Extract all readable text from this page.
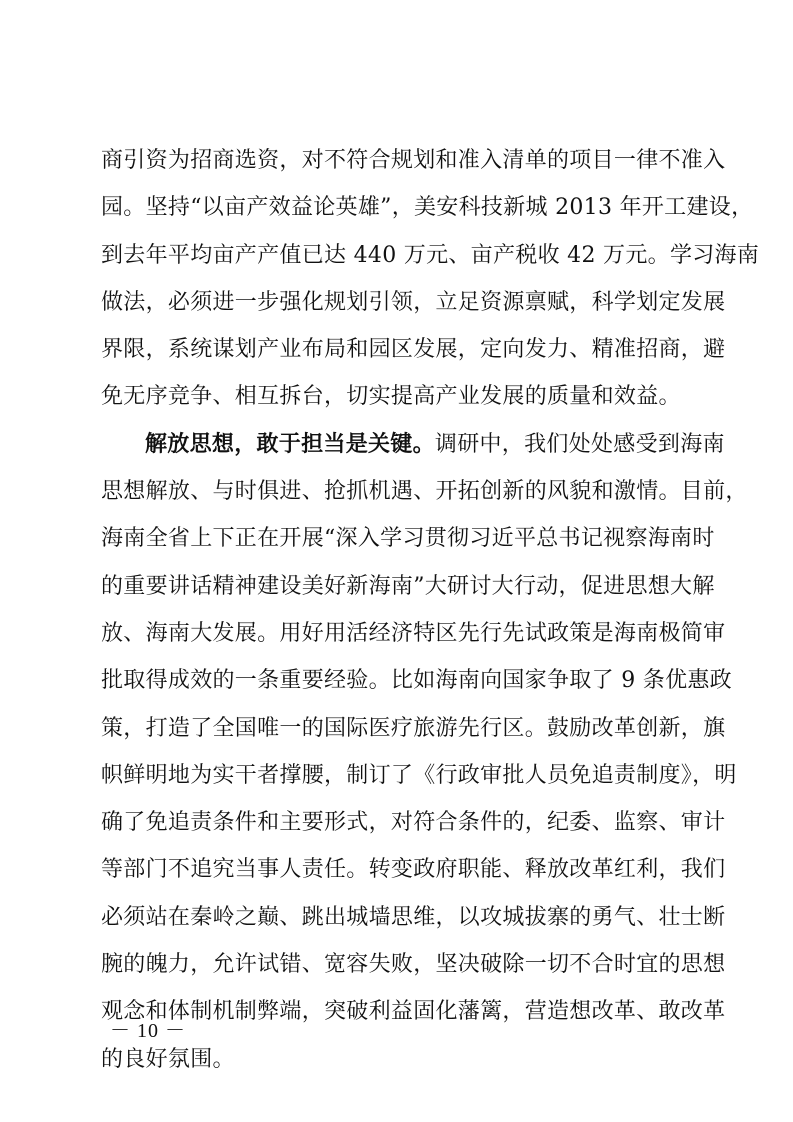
商引资为招商选资，对不符合规划和准入清单的项目一律不准入
园。坚持“以亩产效益论英雄”，美安科技新城 2013 年开工建设，
到去年平均亩产产值已达 440 万元、亩产税收 42 万元。学习海南
做法，必须进一步强化规划引领，立足资源禀赋，科学划定发展
界限，系统谋划产业布局和园区发展，定向发力、精准招商，避
免无序竞争、相互拆台，切实提高产业发展的质量和效益。
解放思想，敢于担当是关键。调研中，我们处处感受到海南
思想解放、与时俱进、抢抓机遇、开拓创新的风貌和激情。目前，
海南全省上下正在开展“深入学习贯彻习近平总书记视察海南时
的重要讲话精神建设美好新海南”大研讨大行动，促进思想大解
放、海南大发展。用好用活经济特区先行先试政策是海南极简审
批取得成效的一条重要经验。比如海南向国家争取了 9 条优惠政
策，打造了全国唯一的国际医疗旅游先行区。鼓励改革创新，旗
帜鲜明地为实干者撑腰，制订了《行政审批人员免追责制度》，明
确了免追责条件和主要形式，对符合条件的，纪委、监察、审计
等部门不追究当事人责任。转变政府职能、释放改革红利，我们
必须站在秦岭之巅、跳出城墙思维，以攻城拔寨的勇气、壮士断
腕的魄力，允许试错、宽容失败，坚决破除一切不合时宜的思想
观念和体制机制弊端，突破利益固化藩篱，营造想改革、敢改革
的良好氛围。
－ 10 －
